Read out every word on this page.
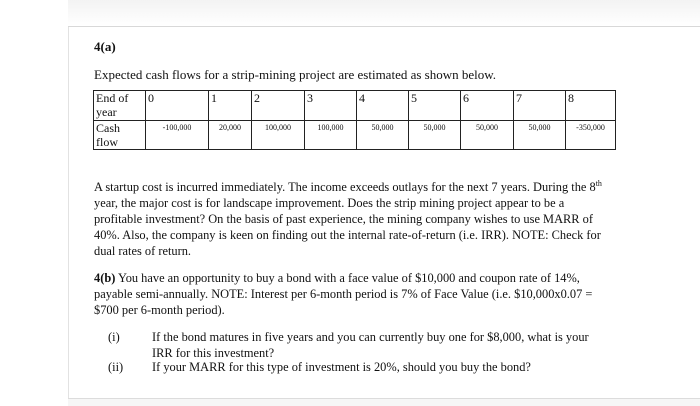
4(a)

Expected cash flows for a strip-mining project are estimated as shown below.

End of year	0	1	2	3	4	5	6	7	8
Cash flow	-100,000	20,000	100,000	100,000	50,000	50,000	50,000	50,000	-350,000

A startup cost is incurred immediately. The income exceeds outlays for the next 7 years. During the 8th year, the major cost is for landscape improvement. Does the strip mining project appear to be a profitable investment? On the basis of past experience, the mining company wishes to use MARR of 40%. Also, the company is keen on finding out the internal rate-of-return (i.e. IRR). NOTE: Check for dual rates of return.

4(b) You have an opportunity to buy a bond with a face value of $10,000 and coupon rate of 14%, payable semi-annually. NOTE: Interest per 6-month period is 7% of Face Value (i.e. $10,000x0.07 = $700 per 6-month period).

(i)	If the bond matures in five years and you can currently buy one for $8,000, what is your IRR for this investment?
(ii) If your MARR for this type of investment is 20%, should you buy the bond?
